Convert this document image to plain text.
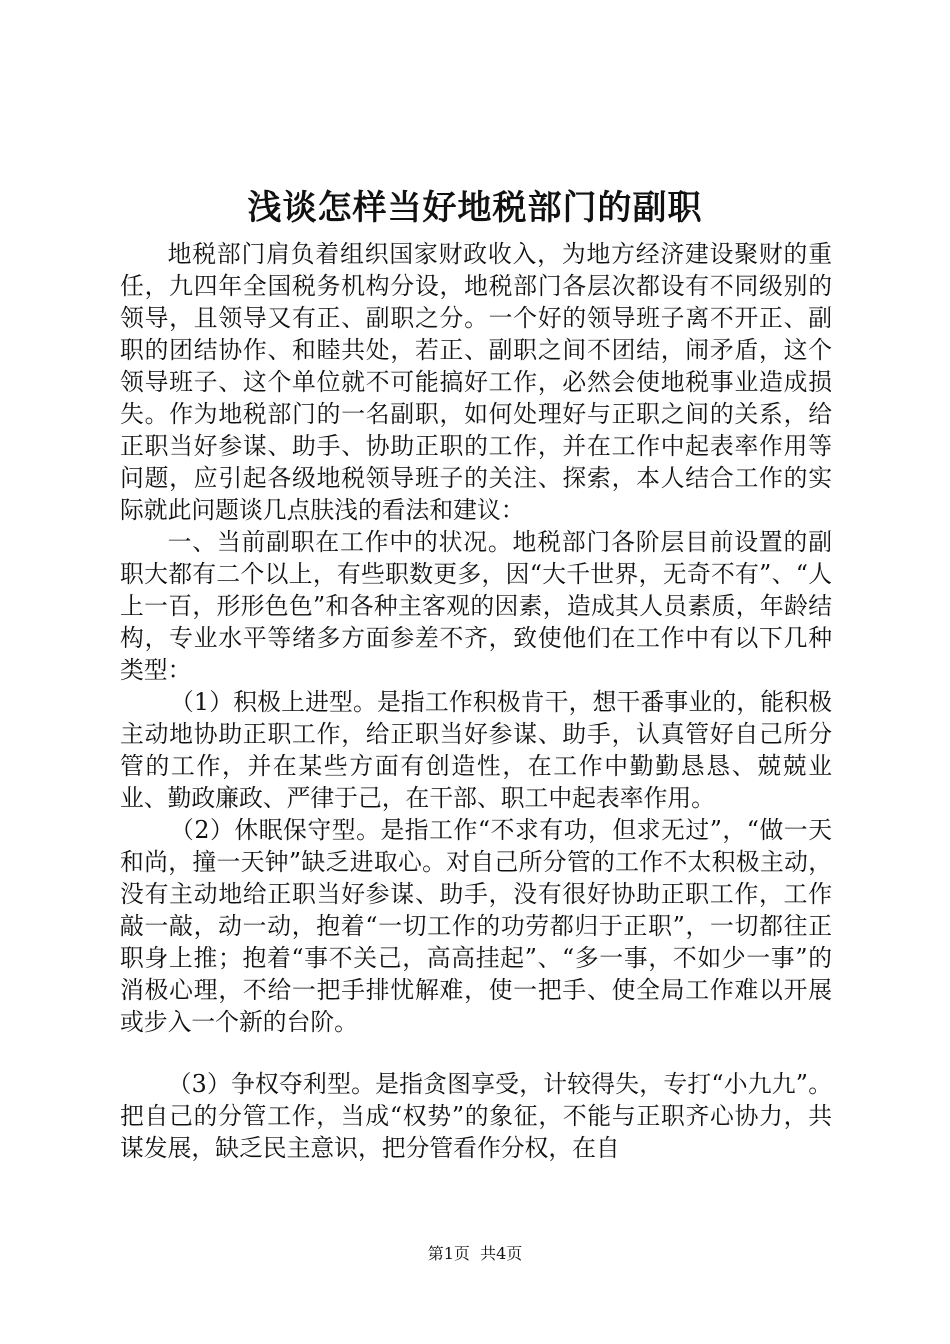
浅谈怎样当好地税部门的副职

地税部门肩负着组织国家财政收入，为地方经济建设聚财的重任，九四年全国税务机构分设，地税部门各层次都设有不同级别的领导，且领导又有正、副职之分。一个好的领导班子离不开正、副职的团结协作、和睦共处，若正、副职之间不团结，闹矛盾，这个领导班子、这个单位就不可能搞好工作，必然会使地税事业造成损失。作为地税部门的一名副职，如何处理好与正职之间的关系，给正职当好参谋、助手、协助正职的工作，并在工作中起表率作用等问题，应引起各级地税领导班子的关注、探索，本人结合工作的实际就此问题谈几点肤浅的看法和建议：

一、当前副职在工作中的状况。地税部门各阶层目前设置的副职大都有二个以上，有些职数更多，因“大千世界，无奇不有”、“人上一百，形形色色”和各种主客观的因素，造成其人员素质，年龄结构，专业水平等绪多方面参差不齐，致使他们在工作中有以下几种类型：

（1）积极上进型。是指工作积极肯干，想干番事业的，能积极主动地协助正职工作，给正职当好参谋、助手，认真管好自己所分管的工作，并在某些方面有创造性，在工作中勤勤恳恳、兢兢业业、勤政廉政、严律于己，在干部、职工中起表率作用。

（2）休眠保守型。是指工作“不求有功，但求无过”，“做一天和尚，撞一天钟”缺乏进取心。对自己所分管的工作不太积极主动，没有主动地给正职当好参谋、助手，没有很好协助正职工作，工作敲一敲，动一动，抱着“一切工作的功劳都归于正职”，一切都往正职身上推；抱着“事不关己，高高挂起”、“多一事，不如少一事”的消极心理，不给一把手排忧解难，使一把手、使全局工作难以开展或步入一个新的台阶。

（3）争权夺利型。是指贪图享受，计较得失，专打“小九九”。把自己的分管工作，当成“权势”的象征，不能与正职齐心协力，共谋发展，缺乏民主意识，把分管看作分权，在自

第1页  共4页
